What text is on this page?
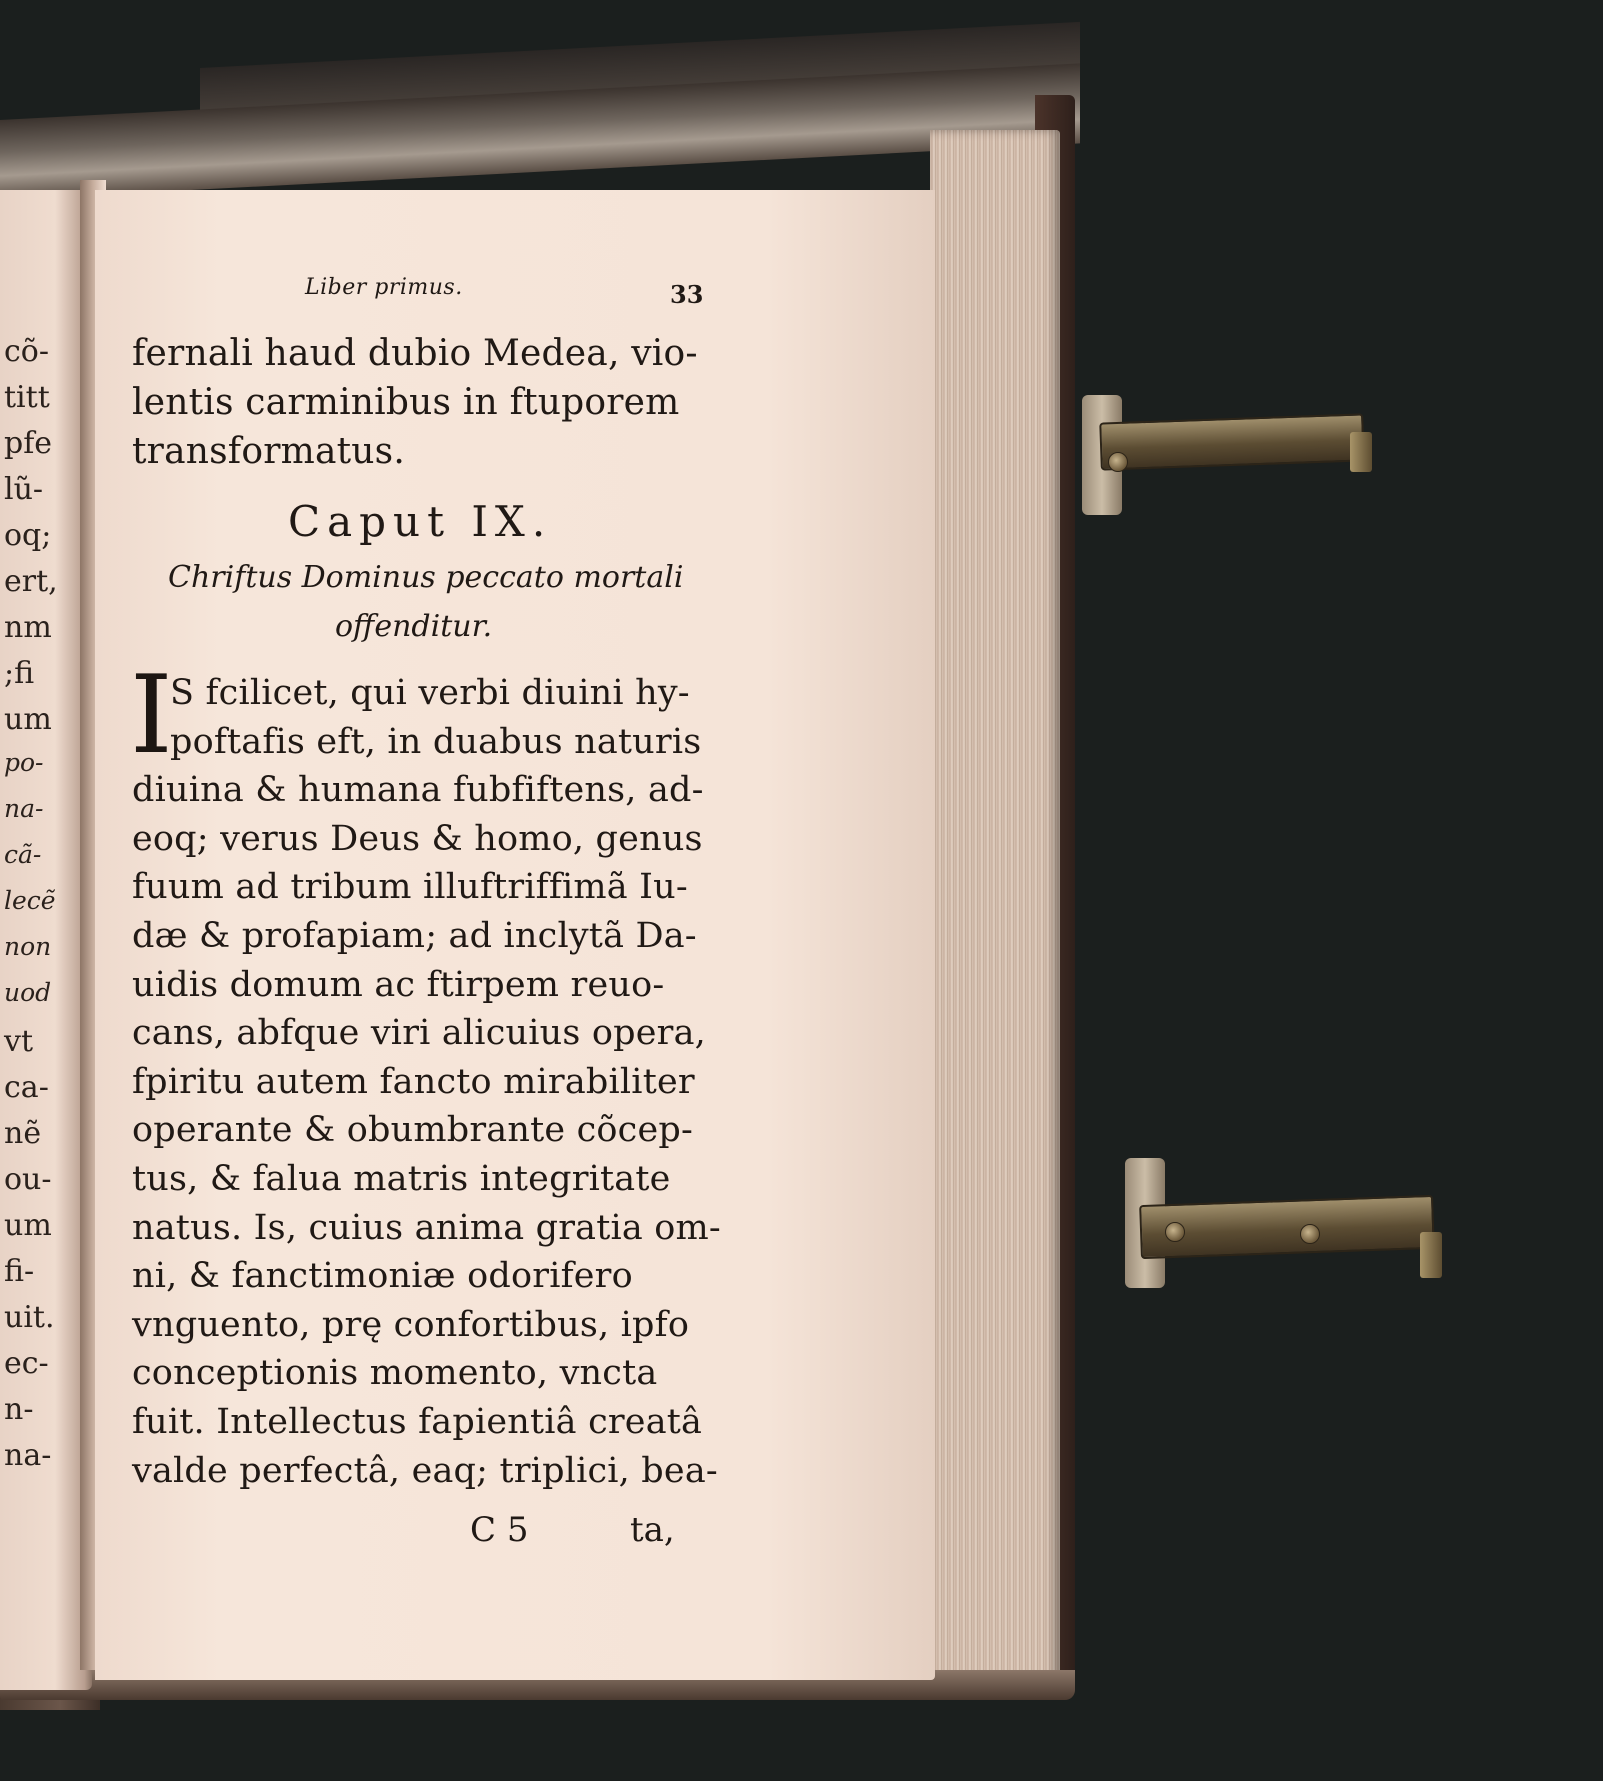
cõ-
titt
pfe
lũ-
oq;
ert,
nm
;fi
um
po-
na-
cã-
lecẽ
non
uod
vt
ca-
nẽ
ou-
um
fi-
uit.
ec-
n-
na-
Liber primus.	33
fernali haud dubio Medea, vio-
lentis carminibus in ftuporem
transformatus.
Caput IX.
Chriftus Dominus peccato mortali
offenditur.
I
S fcilicet, qui verbi diuini hy-
poftafis eft, in duabus naturis
diuina & humana fubfiftens, ad-
eoq; verus Deus & homo, genus
fuum ad tribum illuftriffimã Iu-
dæ & profapiam; ad inclytã Da-
uidis domum ac ftirpem reuo-
cans, abfque viri alicuius opera,
fpiritu autem fancto mirabiliter
operante & obumbrante cõcep-
tus, & falua matris integritate
natus. Is, cuius anima gratia om-
ni, & fanctimoniæ odorifero
vnguento, prę confortibus, ipfo
conceptionis momento, vncta
fuit. Intellectus fapientiâ creatâ
valde perfectâ, eaq; triplici, bea-
C 5	ta,
